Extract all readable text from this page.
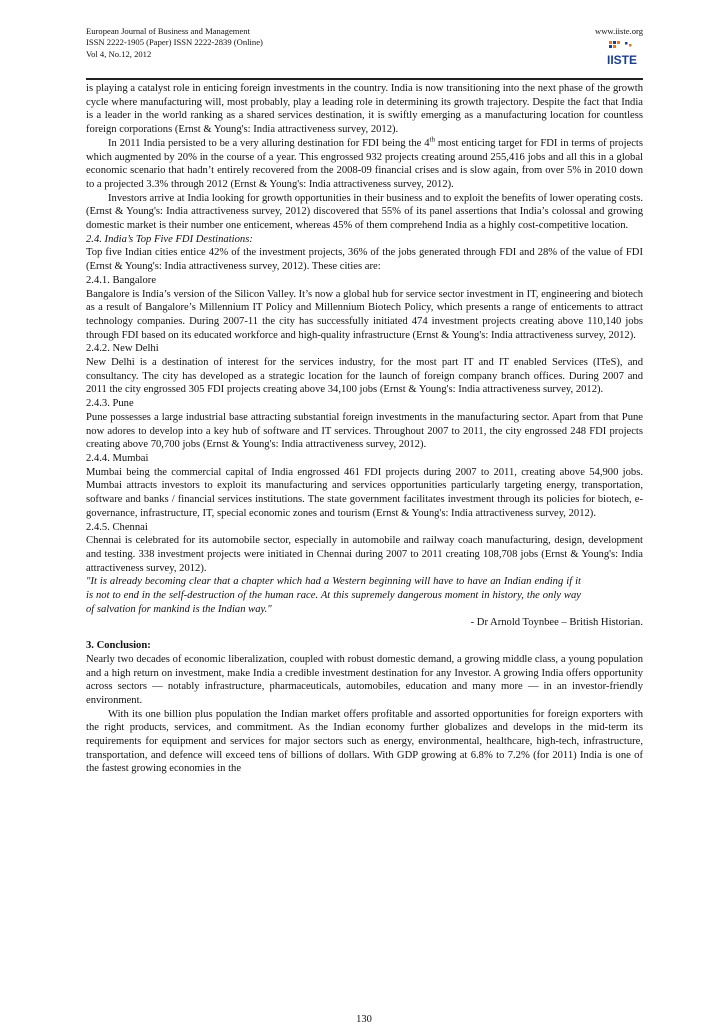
European Journal of Business and Management
ISSN 2222-1905 (Paper) ISSN 2222-2839 (Online)
Vol 4, No.12, 2012
www.iiste.org
IISTE

is playing a catalyst role in enticing foreign investments in the country. India is now transitioning into the next phase of the growth cycle where manufacturing will, most probably, play a leading role in determining its growth trajectory. Despite the fact that India is a leader in the world ranking as a shared services destination, it is swiftly emerging as a manufacturing location for countless foreign corporations (Ernst & Young's: India attractiveness survey, 2012).

In 2011 India persisted to be a very alluring destination for FDI being the 4th most enticing target for FDI in terms of projects which augmented by 20% in the course of a year. This engrossed 932 projects creating around 255,416 jobs and all this in a global economic scenario that hadn’t entirely recovered from the 2008-09 financial crises and is slow again, from over 5% in 2010 down to a projected 3.3% through 2012 (Ernst & Young's: India attractiveness survey, 2012).

Investors arrive at India looking for growth opportunities in their business and to exploit the benefits of lower operating costs. (Ernst & Young's: India attractiveness survey, 2012) discovered that 55% of its panel assertions that India’s colossal and growing domestic market is their number one enticement, whereas 45% of them comprehend India as a highly cost-competitive location.

2.4. India’s Top Five FDI Destinations:

Top five Indian cities entice 42% of the investment projects, 36% of the jobs generated through FDI and 28% of the value of FDI (Ernst & Young's: India attractiveness survey, 2012). These cities are:

2.4.1. Bangalore

Bangalore is India’s version of the Silicon Valley. It’s now a global hub for service sector investment in IT, engineering and biotech as a result of Bangalore’s Millennium IT Policy and Millennium Biotech Policy, which presents a range of enticements to attract technology companies. During 2007-11 the city has successfully initiated 474 investment projects creating above 110,140 jobs through FDI based on its educated workforce and high-quality infrastructure (Ernst & Young's: India attractiveness survey, 2012).

2.4.2. New Delhi

New Delhi is a destination of interest for the services industry, for the most part IT and IT enabled Services (ITeS), and consultancy. The city has developed as a strategic location for the launch of foreign company branch offices. During 2007 and 2011 the city engrossed 305 FDI projects creating above 34,100 jobs (Ernst & Young's: India attractiveness survey, 2012).

2.4.3. Pune

Pune possesses a large industrial base attracting substantial foreign investments in the manufacturing sector. Apart from that Pune now adores to develop into a key hub of software and IT services. Throughout 2007 to 2011, the city engrossed 248 FDI projects creating above 70,700 jobs (Ernst & Young's: India attractiveness survey, 2012).

2.4.4. Mumbai

Mumbai being the commercial capital of India engrossed 461 FDI projects during 2007 to 2011, creating above 54,900 jobs. Mumbai attracts investors to exploit its manufacturing and services opportunities particularly targeting energy, transportation, software and banks / financial services institutions. The state government facilitates investment through its policies for biotech, e-governance, infrastructure, IT, special economic zones and tourism (Ernst & Young's: India attractiveness survey, 2012).

2.4.5. Chennai

Chennai is celebrated for its automobile sector, especially in automobile and railway coach manufacturing, design, development and testing. 338 investment projects were initiated in Chennai during 2007 to 2011 creating 108,708 jobs (Ernst & Young's: India attractiveness survey, 2012).

"It is already becoming clear that a chapter which had a Western beginning will have to have an Indian ending if it is not to end in the self-destruction of the human race. At this supremely dangerous moment in history, the only way of salvation for mankind is the Indian way."

- Dr Arnold Toynbee – British Historian.

3. Conclusion:

Nearly two decades of economic liberalization, coupled with robust domestic demand, a growing middle class, a young population and a high return on investment, make India a credible investment destination for any Investor. A growing India offers opportunity across sectors — notably infrastructure, pharmaceuticals, automobiles, education and many more — in an investor-friendly environment.

With its one billion plus population the Indian market offers profitable and assorted opportunities for foreign exporters with the right products, services, and commitment. As the Indian economy further globalizes and develops in the mid-term its requirements for equipment and services for major sectors such as energy, environmental, healthcare, high-tech, infrastructure, transportation, and defence will exceed tens of billions of dollars. With GDP growing at 6.8% to 7.2% (for 2011) India is one of the fastest growing economies in the

130
